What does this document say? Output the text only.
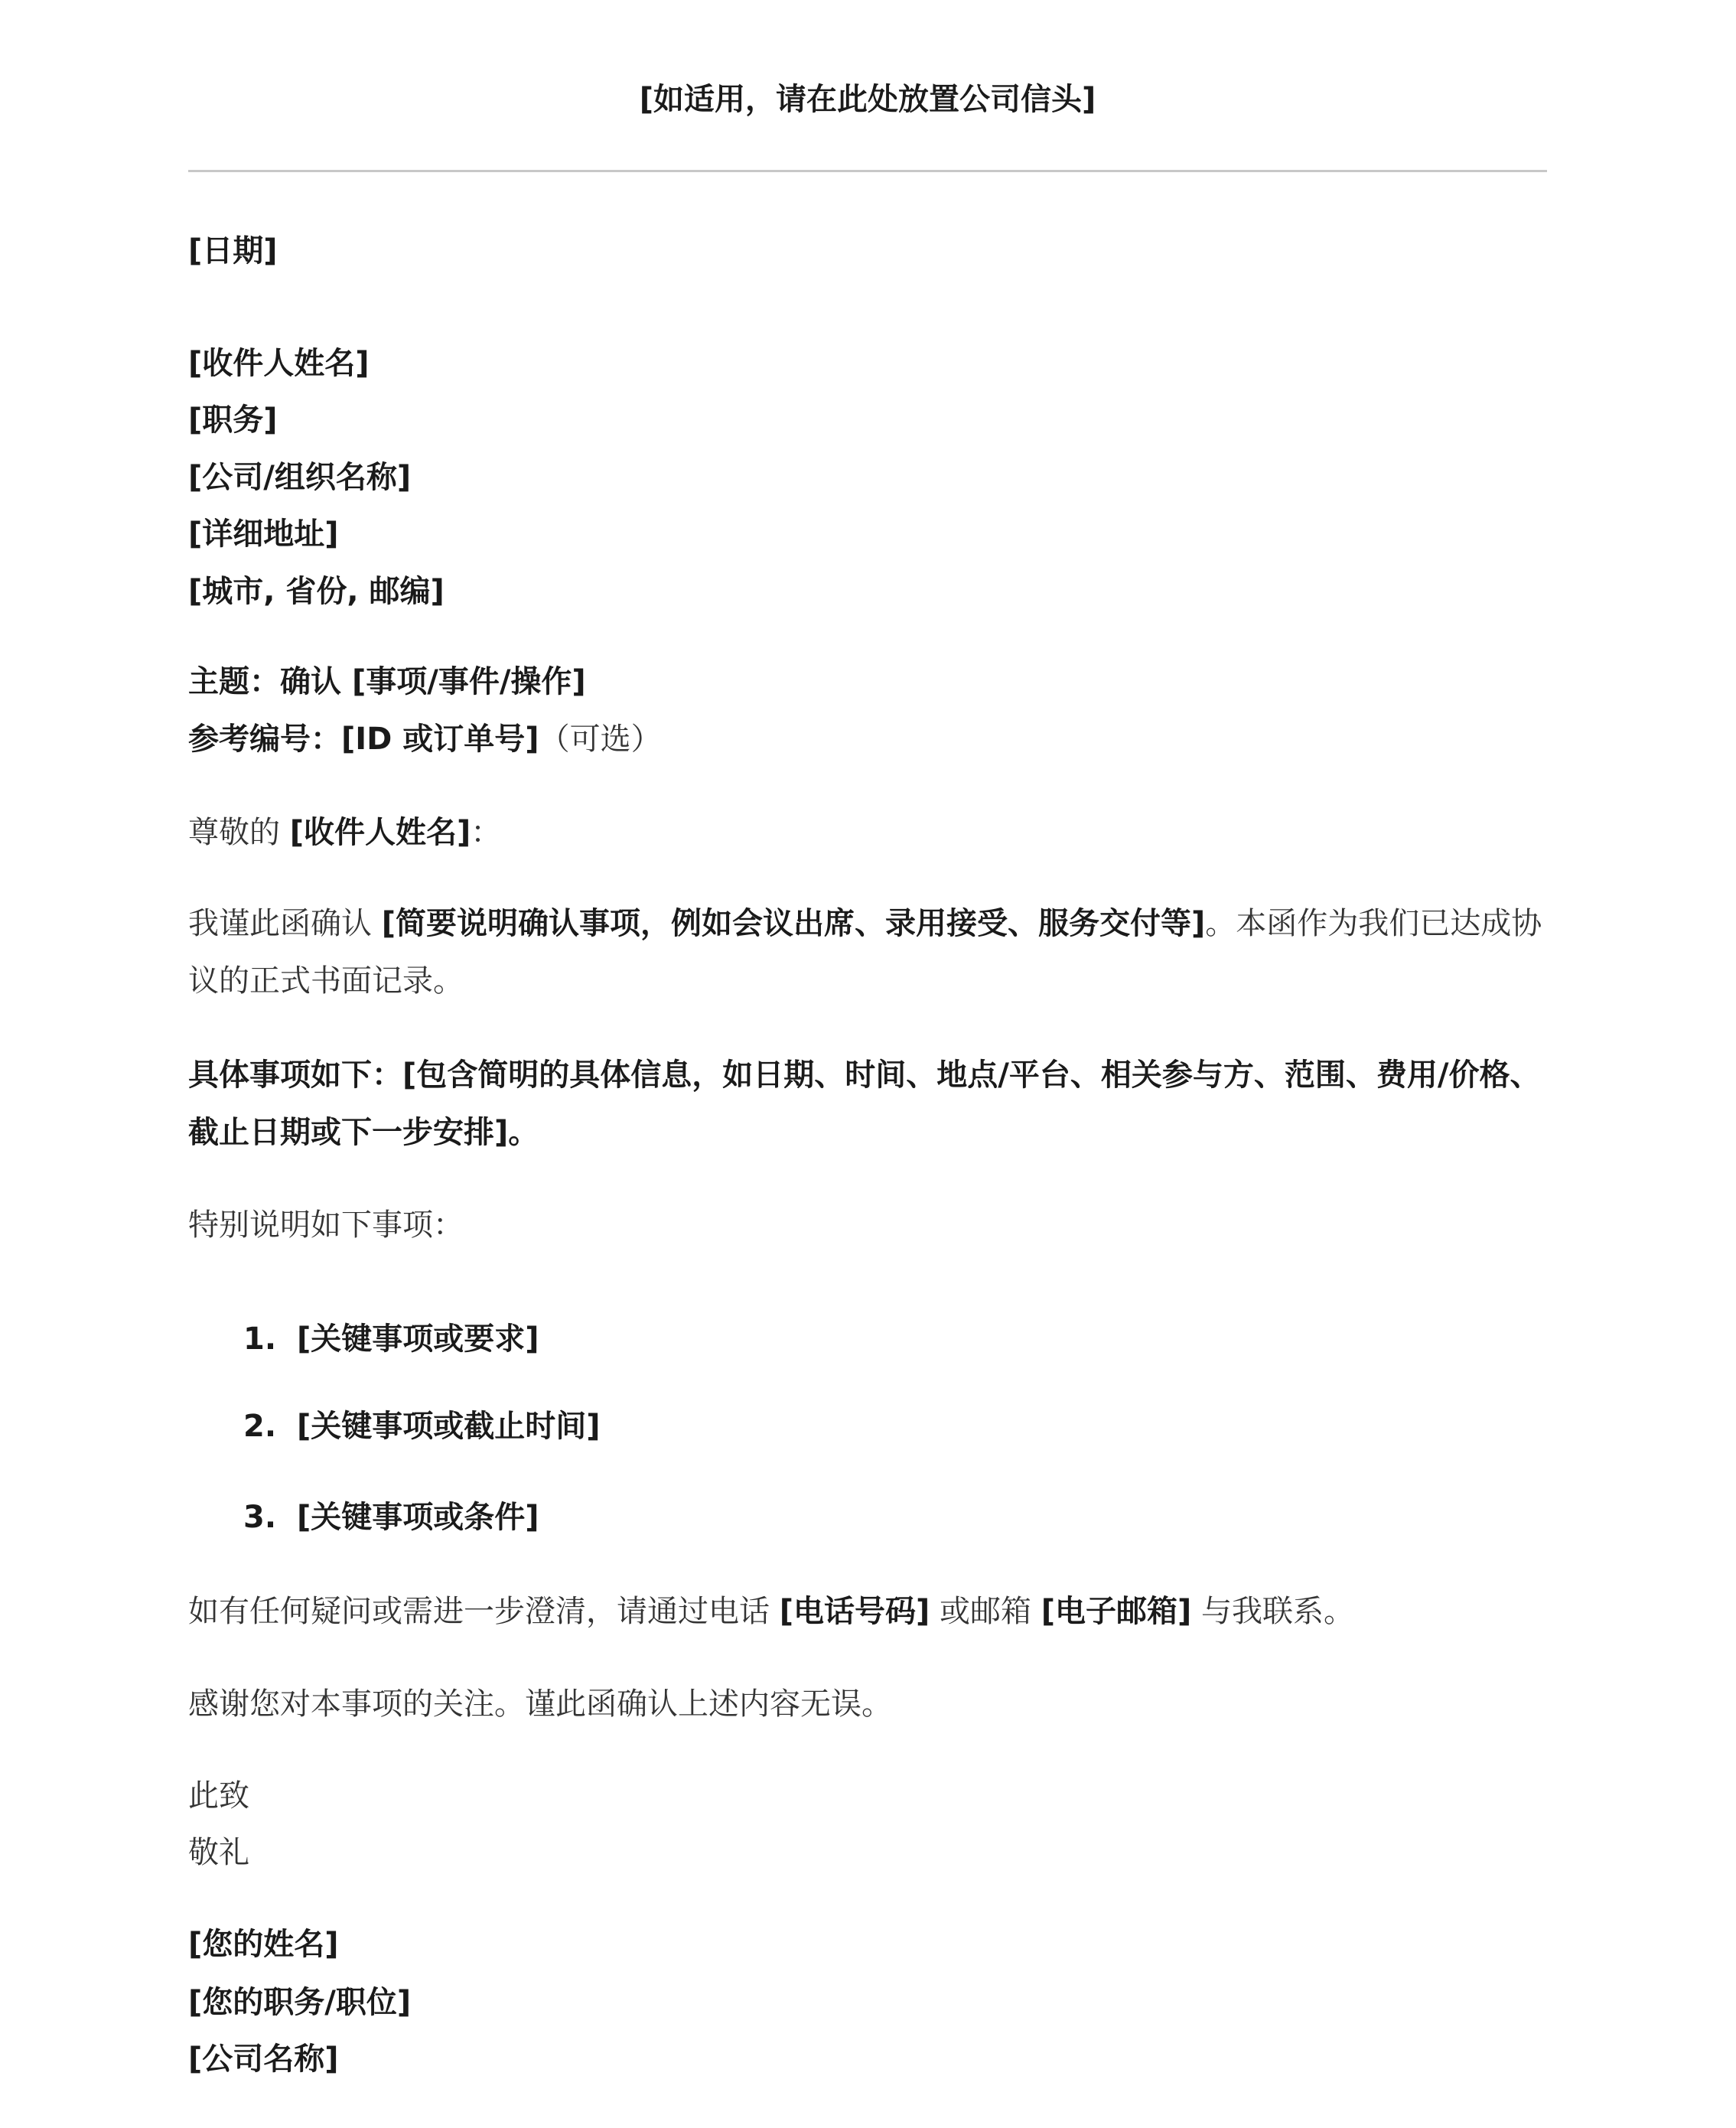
[如适用，请在此处放置公司信头]
[日期]
[收件人姓名]
[职务]
[公司/组织名称]
[详细地址]
[城市, 省份, 邮编]
主题：确认 [事项/事件/操作]
参考编号：[ID 或订单号]（可选）
尊敬的 [收件人姓名]：
我谨此函确认 [简要说明确认事项，例如会议出席、录用接受、服务交付等]。本函作为我们已达成协议的正式书面记录。
具体事项如下：[包含简明的具体信息，如日期、时间、地点/平台、相关参与方、范围、费用/价格、截止日期或下一步安排]。
特别说明如下事项：
1. [关键事项或要求]
2. [关键事项或截止时间]
3. [关键事项或条件]
如有任何疑问或需进一步澄清，请通过电话 [电话号码] 或邮箱 [电子邮箱] 与我联系。
感谢您对本事项的关注。谨此函确认上述内容无误。
此致
敬礼
[您的姓名]
[您的职务/职位]
[公司名称]
